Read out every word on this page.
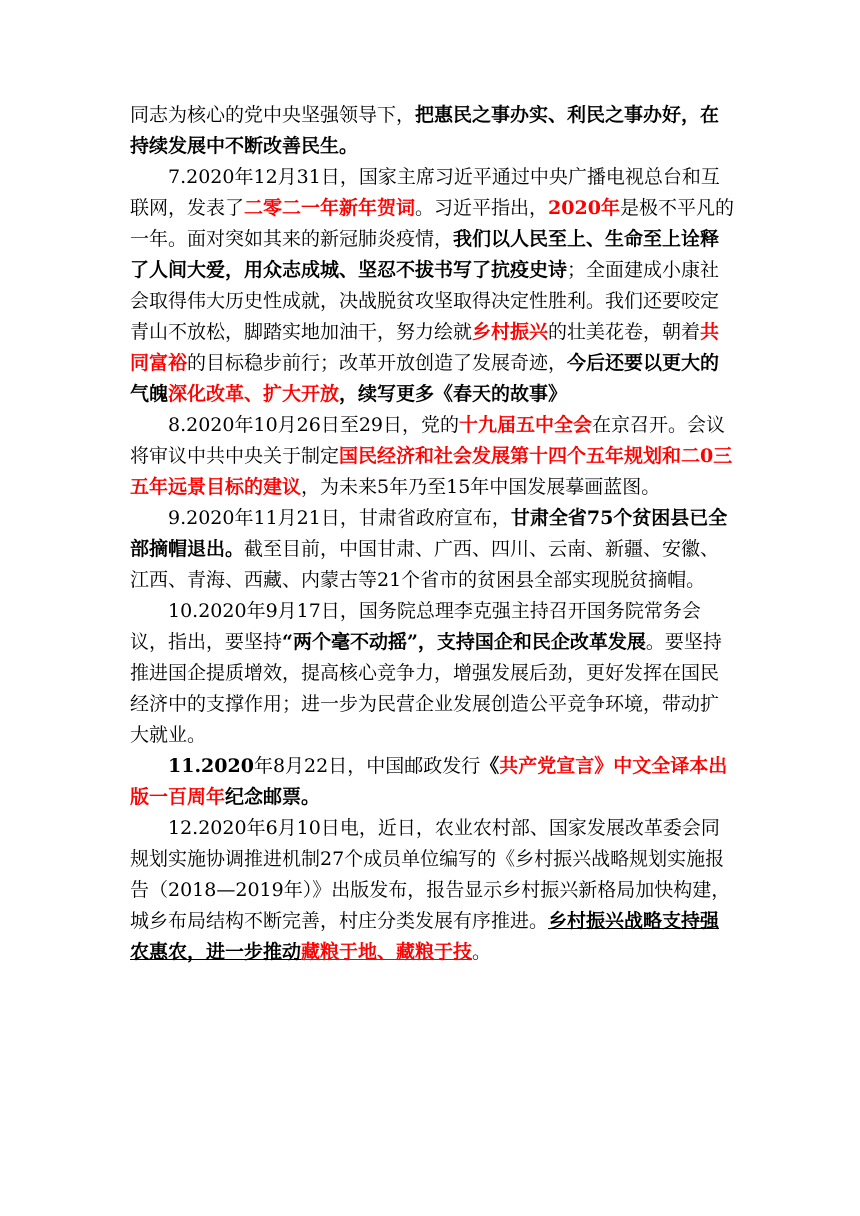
同志为核心的党中央坚强领导下，把惠民之事办实、利民之事办好，在持续发展中不断改善民生。

7.2020年12月31日，国家主席习近平通过中央广播电视总台和互联网，发表了二零二一年新年贺词。习近平指出，2020年是极不平凡的一年。面对突如其来的新冠肺炎疫情，我们以人民至上、生命至上诠释了人间大爱，用众志成城、坚忍不拔书写了抗疫史诗；全面建成小康社会取得伟大历史性成就，决战脱贫攻坚取得决定性胜利。我们还要咬定青山不放松，脚踏实地加油干，努力绘就乡村振兴的壮美花卷，朝着共同富裕的目标稳步前行；改革开放创造了发展奇迹，今后还要以更大的气魄深化改革、扩大开放，续写更多《春天的故事》

8.2020年10月26日至29日，党的十九届五中全会在京召开。会议将审议中共中央关于制定国民经济和社会发展第十四个五年规划和二0三五年远景目标的建议，为未来5年乃至15年中国发展摹画蓝图。

9.2020年11月21日，甘肃省政府宣布，甘肃全省75个贫困县已全部摘帽退出。截至目前，中国甘肃、广西、四川、云南、新疆、安徽、江西、青海、西藏、内蒙古等21个省市的贫困县全部实现脱贫摘帽。

10.2020年9月17日，国务院总理李克强主持召开国务院常务会议，指出，要坚持“两个毫不动摇”，支持国企和民企改革发展。要坚持推进国企提质增效，提高核心竞争力，增强发展后劲，更好发挥在国民经济中的支撑作用；进一步为民营企业发展创造公平竞争环境，带动扩大就业。

11.2020年8月22日，中国邮政发行《共产党宣言》中文全译本出版一百周年纪念邮票。

12.2020年6月10日电，近日，农业农村部、国家发展改革委会同规划实施协调推进机制27个成员单位编写的《乡村振兴战略规划实施报告（2018—2019年）》出版发布，报告显示乡村振兴新格局加快构建，城乡布局结构不断完善，村庄分类发展有序推进。乡村振兴战略支持强农惠农，进一步推动藏粮于地、藏粮于技。
